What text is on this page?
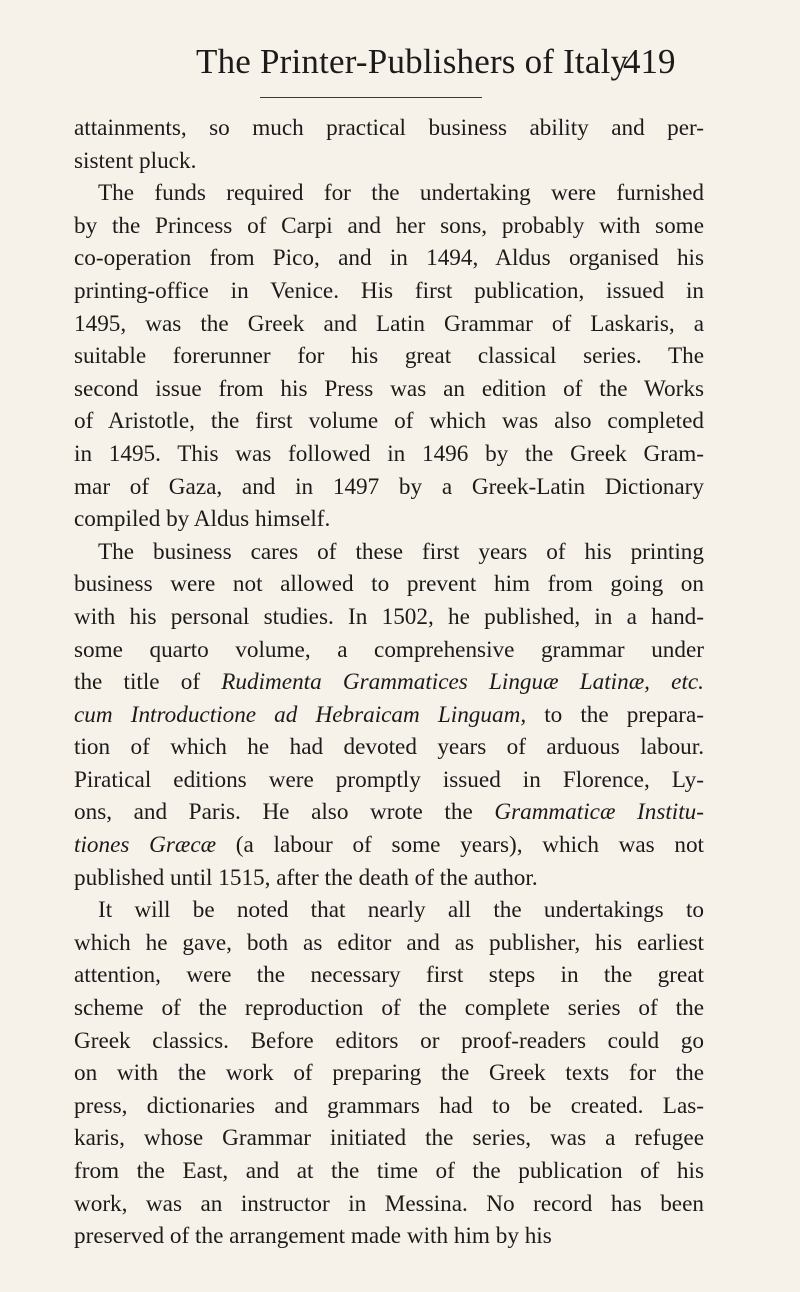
The Printer-Publishers of Italy
419
attainments, so much practical business ability and per-
sistent pluck.
The funds required for the undertaking were furnished
by the Princess of Carpi and her sons, probably with some
co-operation from Pico, and in 1494, Aldus organised his
printing-office in Venice. His first publication, issued in
1495, was the Greek and Latin Grammar of Laskaris, a
suitable forerunner for his great classical series. The
second issue from his Press was an edition of the Works
of Aristotle, the first volume of which was also completed
in 1495. This was followed in 1496 by the Greek Gram-
mar of Gaza, and in 1497 by a Greek-Latin Dictionary
compiled by Aldus himself.
The business cares of these first years of his printing
business were not allowed to prevent him from going on
with his personal studies. In 1502, he published, in a hand-
some quarto volume, a comprehensive grammar under
the title of Rudimenta Grammatices Linguæ Latinæ, etc.
cum Introductione ad Hebraicam Linguam, to the prepara-
tion of which he had devoted years of arduous labour.
Piratical editions were promptly issued in Florence, Ly-
ons, and Paris. He also wrote the Grammaticæ Institu-
tiones Græcæ (a labour of some years), which was not
published until 1515, after the death of the author.
It will be noted that nearly all the undertakings to
which he gave, both as editor and as publisher, his earliest
attention, were the necessary first steps in the great
scheme of the reproduction of the complete series of the
Greek classics. Before editors or proof-readers could go
on with the work of preparing the Greek texts for the
press, dictionaries and grammars had to be created. Las-
karis, whose Grammar initiated the series, was a refugee
from the East, and at the time of the publication of his
work, was an instructor in Messina. No record has been
preserved of the arrangement made with him by his
